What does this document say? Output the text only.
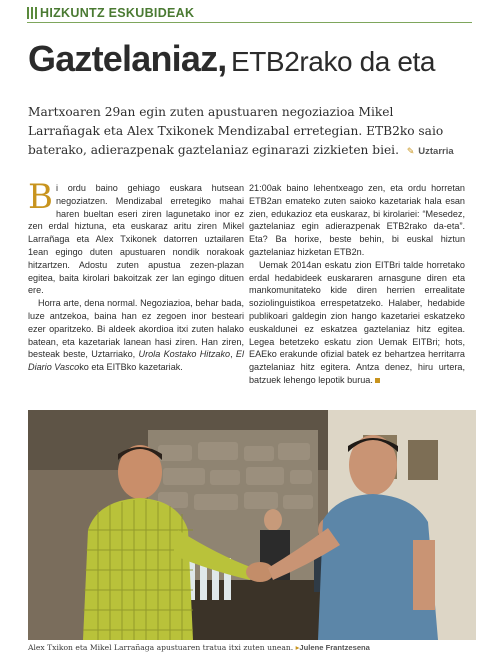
HIZKUNTZ ESKUBIDEAK
Gaztelaniaz, ETB2rako da eta
Martxoaren 29an egin zuten apustuaren negoziazioa Mikel Larrañagak eta Alex Txikonek Mendizabal erretegian. ETB2ko saio baterako, adierazpenak gaztelaniaz eginarazi zizkieten biei. ✎ Uztarria

Bi ordu baino gehiago euskara hutsean negoziatzen. Mendizabal erretegiko mahai haren bueltan eseri ziren lagunetako inor ez zen erdal hiztuna, eta euskaraz aritu ziren Mikel Larrañaga eta Alex Txikonek datorren uztailaren 1ean egingo duten apustuaren nondik norakoak hitzartzen. Adostu zuten apustua zezen-plazan egitea, baita kirolari bakoitzak zer lan egingo dituen ere.

Horra arte, dena normal. Negoziazioa, behar bada, luze antzekoa, baina han ez zegoen inor besteari ezer oparitzeko. Bi aldeek akordioa itxi zuten halako batean, eta kazetariak lanean hasi ziren. Han ziren, besteak beste, Uztarriako, Urola Kostako Hitzako, El Diario Vascoko eta EITBko kazetariak.

21:00ak baino lehentxeago zen, eta ordu horretan ETB2an emateko zuten saioko kazetariak hala esan zien, edukazioz eta euskaraz, bi kirolariei: “Mesedez, gaztelaniaz egin adierazpenak ETB2rako da-eta”. Eta? Ba horixe, beste behin, bi euskal hiztun gaztelaniaz hizketan ETB2n.

Uemak 2014an eskatu zion EITBri talde horretako erdal hedabideek euskararen arnasgune diren eta mankomunitateko kide diren herrien errealitate soziolinguistikoa errespetatzeko. Halaber, hedabide publikoari galdegin zion hango kazetariei eskatzeko euskaldunei ez eskatzea gaztelaniaz hitz egitea. Legea betetzeko eskatu zion Uemak EITBri; hots, EAEko erakunde ofizial batek ez behartzea herritarra gaztelaniaz hitz egitera. Antza denez, hiru urtera, batzuek lehengo lepotik burua.

Alex Txikon eta Mikel Larrañaga apustuaren tratua itxi zuten unean. ▸Julene Frantzesena
